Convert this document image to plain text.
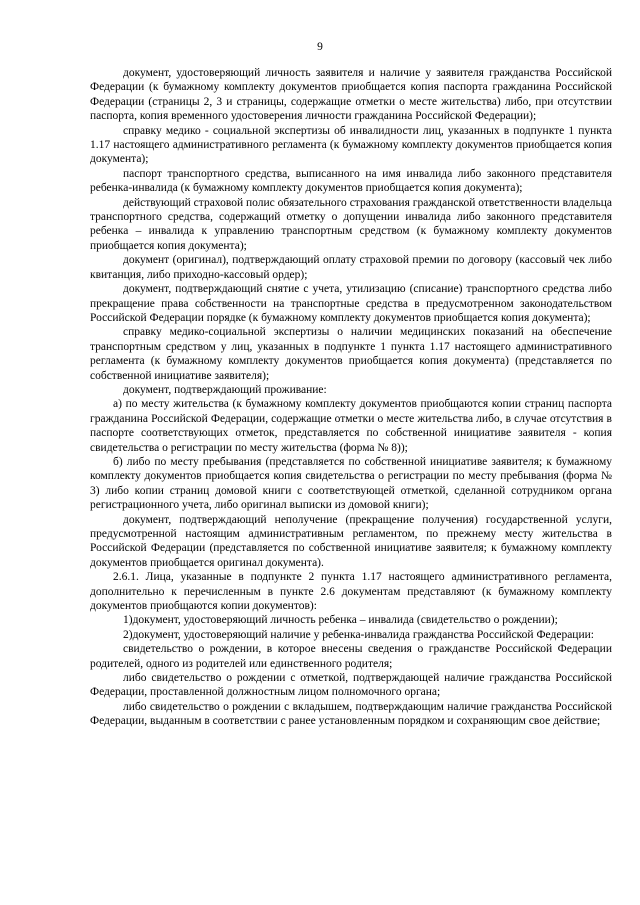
9

документ, удостоверяющий личность заявителя и наличие у заявителя гражданства Российской Федерации (к бумажному комплекту документов приобщается копия паспорта гражданина Российской Федерации (страницы 2, 3 и страницы, содержащие отметки о месте жительства) либо, при отсутствии паспорта, копия временного удостоверения личности гражданина Российской Федерации);

справку медико - социальной экспертизы об инвалидности лиц, указанных в подпункте 1 пункта 1.17 настоящего административного регламента (к бумажному комплекту документов приобщается копия документа);

паспорт транспортного средства, выписанного на имя инвалида либо законного представителя ребенка-инвалида (к бумажному комплекту документов приобщается копия документа);

действующий страховой полис обязательного страхования гражданской ответственности владельца транспортного средства, содержащий отметку о допущении инвалида либо законного представителя ребенка – инвалида к управлению транспортным средством (к бумажному комплекту документов приобщается копия документа);

документ (оригинал), подтверждающий оплату страховой премии по договору (кассовый чек либо квитанция, либо приходно-кассовый ордер);

документ, подтверждающий снятие с учета, утилизацию (списание) транспортного средства либо прекращение права собственности на транспортные средства в предусмотренном законодательством Российской Федерации порядке (к бумажному комплекту документов приобщается копия документа);

справку медико-социальной экспертизы о наличии медицинских показаний на обеспечение транспортным средством у лиц, указанных в подпункте 1 пункта 1.17 настоящего административного регламента (к бумажному комплекту документов приобщается копия документа) (представляется по собственной инициативе заявителя);

документ, подтверждающий проживание:

а) по месту жительства (к бумажному комплекту документов приобщаются копии страниц паспорта гражданина Российской Федерации, содержащие отметки о месте жительства либо, в случае отсутствия в паспорте соответствующих отметок, представляется по собственной инициативе заявителя - копия свидетельства о регистрации по месту жительства (форма № 8));

б) либо по месту пребывания (представляется по собственной инициативе заявителя; к бумажному комплекту документов приобщается копия свидетельства о регистрации по месту пребывания (форма № 3) либо копии страниц домовой книги с соответствующей отметкой, сделанной сотрудником органа регистрационного учета, либо оригинал выписки из домовой книги);

документ, подтверждающий неполучение (прекращение получения) государственной услуги, предусмотренной настоящим административным регламентом, по прежнему месту жительства в Российской Федерации (представляется по собственной инициативе заявителя; к бумажному комплекту документов приобщается оригинал документа).

2.6.1. Лица, указанные в подпункте 2 пункта 1.17 настоящего административного регламента, дополнительно к перечисленным в пункте 2.6 документам представляют (к бумажному комплекту документов приобщаются копии документов):

1)документ, удостоверяющий личность ребенка – инвалида (свидетельство о рождении);

2)документ, удостоверяющий наличие у ребенка-инвалида гражданства Российской Федерации:

свидетельство о рождении, в которое внесены сведения о гражданстве Российской Федерации родителей, одного из родителей или единственного родителя;

либо свидетельство о рождении с отметкой, подтверждающей наличие гражданства Российской Федерации, проставленной должностным лицом полномочного органа;

либо свидетельство о рождении с вкладышем, подтверждающим наличие гражданства Российской Федерации, выданным в соответствии с ранее установленным порядком и сохраняющим свое действие;
